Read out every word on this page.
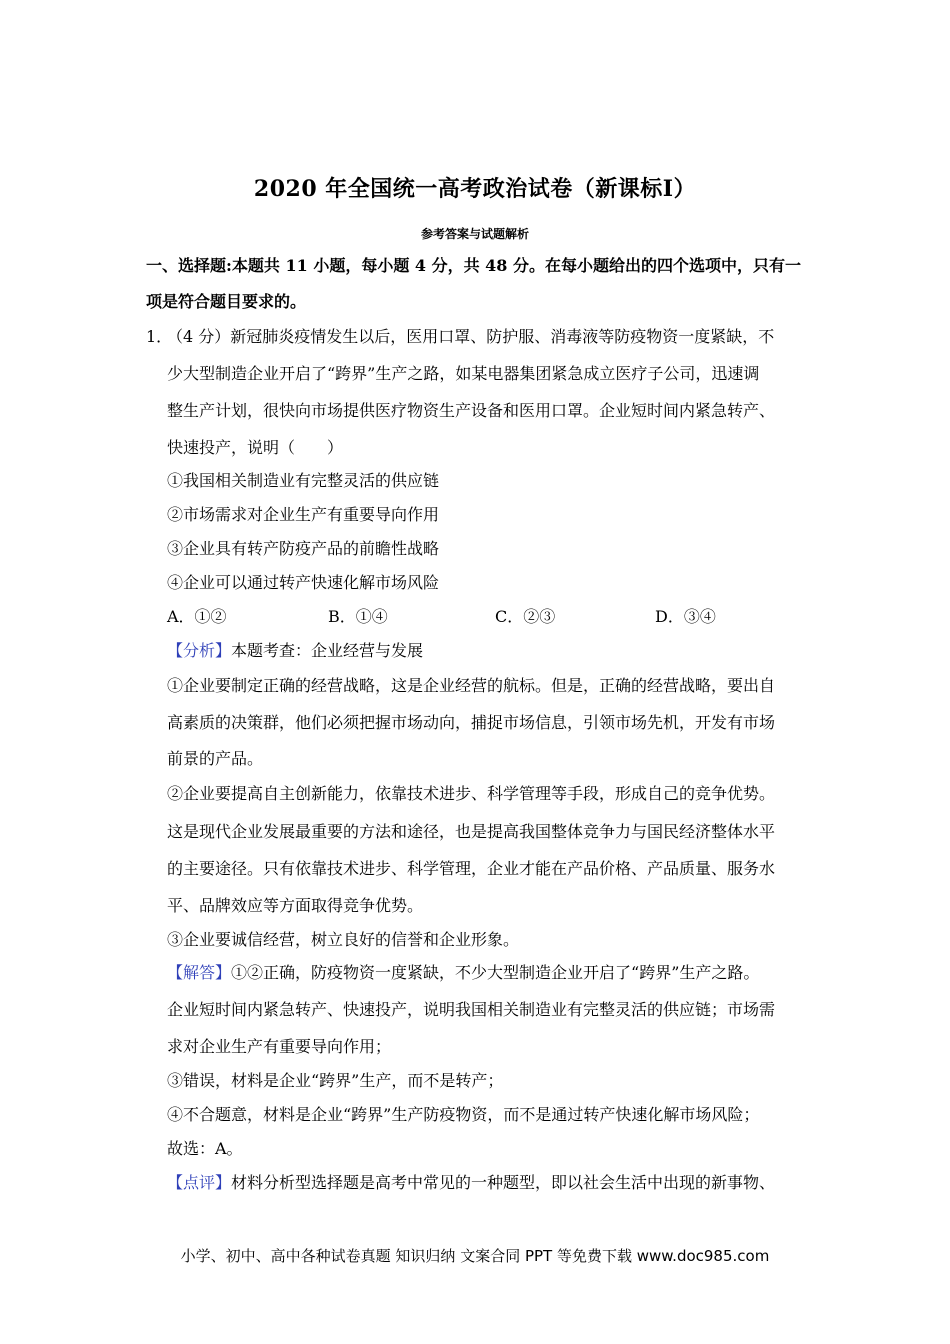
2020 年全国统一高考政治试卷（新课标Ⅰ）
参考答案与试题解析
一、选择题:本题共 11 小题，每小题 4 分，共 48 分。在每小题给出的四个选项中，只有一
项是符合题目要求的。
1．
（4 分）新冠肺炎疫情发生以后，医用口罩、防护服、消毒液等防疫物资一度紧缺，不
少大型制造企业开启了“跨界”生产之路，如某电器集团紧急成立医疗子公司，迅速调
整生产计划，很快向市场提供医疗物资生产设备和医用口罩。企业短时间内紧急转产、
快速投产，说明（　　）
①我国相关制造业有完整灵活的供应链
②市场需求对企业生产有重要导向作用
③企业具有转产防疫产品的前瞻性战略
④企业可以通过转产快速化解市场风险
A．①②	B．①④	C．②③	D．③④
【分析】本题考查：企业经营与发展
①企业要制定正确的经营战略，这是企业经营的航标。但是，正确的经营战略，要出自
高素质的决策群，他们必须把握市场动向，捕捉市场信息，引领市场先机，开发有市场
前景的产品。
②企业要提高自主创新能力，依靠技术进步、科学管理等手段，形成自己的竞争优势。
这是现代企业发展最重要的方法和途径，也是提高我国整体竞争力与国民经济整体水平
的主要途径。只有依靠技术进步、科学管理，企业才能在产品价格、产品质量、服务水
平、品牌效应等方面取得竞争优势。
③企业要诚信经营，树立良好的信誉和企业形象。
【解答】①②正确，防疫物资一度紧缺，不少大型制造企业开启了“跨界”生产之路。
企业短时间内紧急转产、快速投产，说明我国相关制造业有完整灵活的供应链；市场需
求对企业生产有重要导向作用；
③错误，材料是企业“跨界”生产，而不是转产；
④不合题意，材料是企业“跨界”生产防疫物资，而不是通过转产快速化解市场风险；
故选：A。
【点评】材料分析型选择题是高考中常见的一种题型，即以社会生活中出现的新事物、
小学、初中、高中各种试卷真题 知识归纳 文案合同 PPT 等免费下载 www.doc985.com
